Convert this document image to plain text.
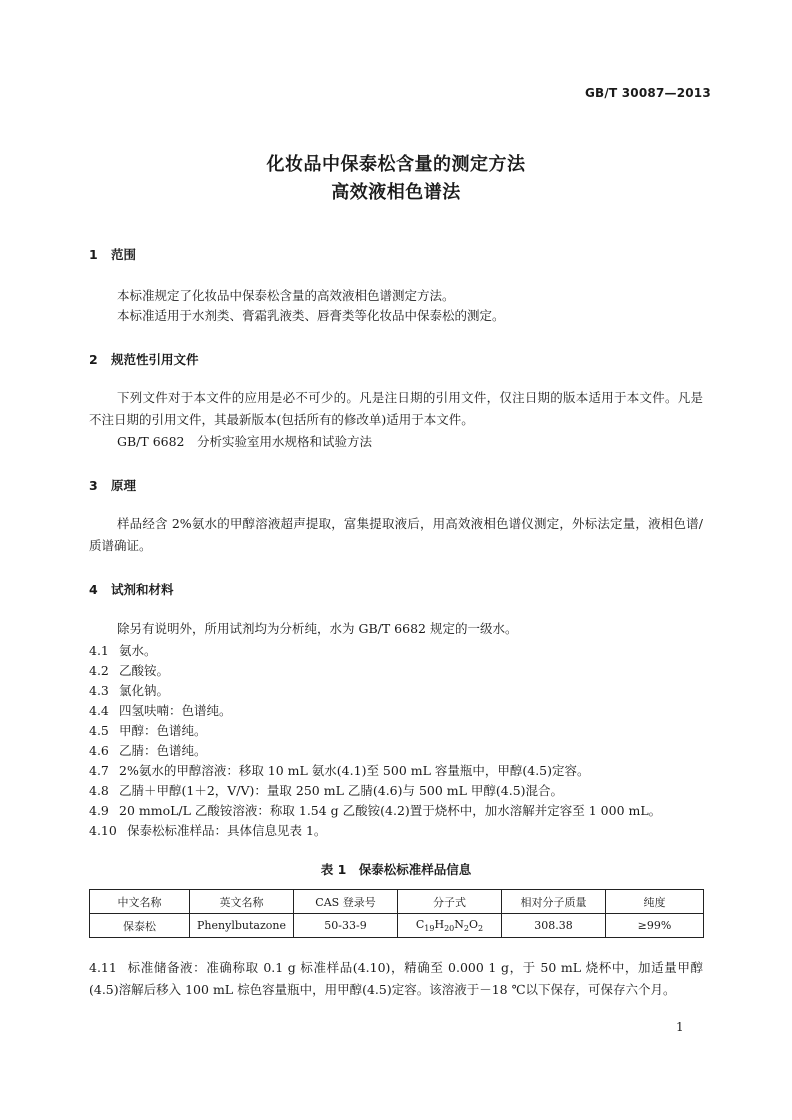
GB/T 30087—2013
化妆品中保泰松含量的测定方法
高效液相色谱法
1 范围
本标准规定了化妆品中保泰松含量的高效液相色谱测定方法。
本标准适用于水剂类、膏霜乳液类、唇膏类等化妆品中保泰松的测定。
2 规范性引用文件
下列文件对于本文件的应用是必不可少的。凡是注日期的引用文件，仅注日期的版本适用于本文件。凡是不注日期的引用文件，其最新版本(包括所有的修改单)适用于本文件。
GB/T 6682　分析实验室用水规格和试验方法
3 原理
样品经含 2%氨水的甲醇溶液超声提取，富集提取液后，用高效液相色谱仪测定，外标法定量，液相色谱/质谱确证。
4 试剂和材料
除另有说明外，所用试剂均为分析纯，水为 GB/T 6682 规定的一级水。
4.1 氨水。
4.2 乙酸铵。
4.3 氯化钠。
4.4 四氢呋喃：色谱纯。
4.5 甲醇：色谱纯。
4.6 乙腈：色谱纯。
4.7 2%氨水的甲醇溶液：移取 10 mL 氨水(4.1)至 500 mL 容量瓶中，甲醇(4.5)定容。
4.8 乙腈＋甲醇(1＋2，V/V)：量取 250 mL 乙腈(4.6)与 500 mL 甲醇(4.5)混合。
4.9 20 mmoL/L 乙酸铵溶液：称取 1.54 g 乙酸铵(4.2)置于烧杯中，加水溶解并定容至 1 000 mL。
4.10 保泰松标准样品：具体信息见表 1。
表 1　保泰松标准样品信息
中文名称	英文名称	CAS 登录号	分子式	相对分子质量	纯度
保泰松	Phenylbutazone	50-33-9	$C_{19}H_{20}N_2O_2$	308.38	≥99%
4.11 标准储备液：准确称取 0.1 g 标准样品(4.10)，精确至 0.000 1 g，于 50 mL 烧杯中，加适量甲醇(4.5)溶解后移入 100 mL 棕色容量瓶中，用甲醇(4.5)定容。该溶液于－18 ℃以下保存，可保存六个月。
1
